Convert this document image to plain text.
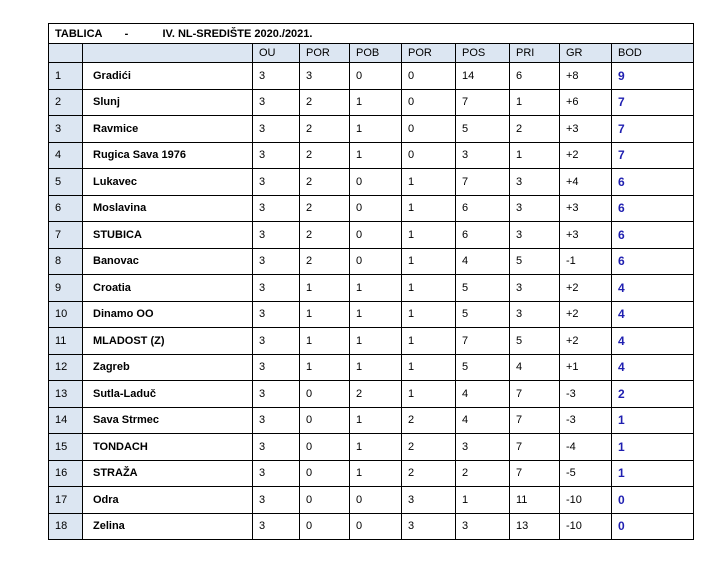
TABLICA - IV. NL-SREDIŠTE 2020./2021.									
		OU	POR	POB	POR	POS	PRI	GR	BOD
1	Gradići	3	3	0	0	14	6	+8	9
2	Slunj	3	2	1	0	7	1	+6	7
3	Ravmice	3	2	1	0	5	2	+3	7
4	Rugica Sava 1976	3	2	1	0	3	1	+2	7
5	Lukavec	3	2	0	1	7	3	+4	6
6	Moslavina	3	2	0	1	6	3	+3	6
7	STUBICA	3	2	0	1	6	3	+3	6
8	Banovac	3	2	0	1	4	5	-1	6
9	Croatia	3	1	1	1	5	3	+2	4
10	Dinamo OO	3	1	1	1	5	3	+2	4
11	MLADOST (Z)	3	1	1	1	7	5	+2	4
12	Zagreb	3	1	1	1	5	4	+1	4
13	Sutla-Laduč	3	0	2	1	4	7	-3	2
14	Sava Strmec	3	0	1	2	4	7	-3	1
15	TONDACH	3	0	1	2	3	7	-4	1
16	STRAŽA	3	0	1	2	2	7	-5	1
17	Odra	3	0	0	3	1	11	-10	0
18	Zelina	3	0	0	3	3	13	-10	0
